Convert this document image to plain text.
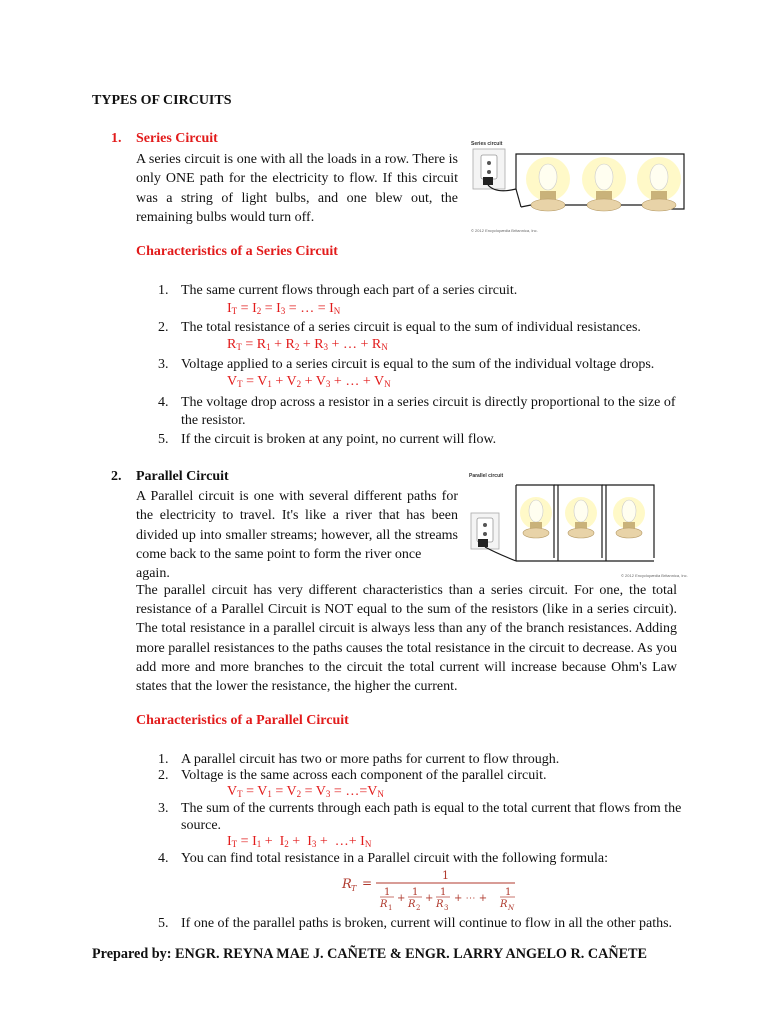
TYPES OF CIRCUITS
1. Series Circuit
A series circuit is one with all the loads in a row. There is
only ONE path for the electricity to flow. If this circuit
was a string of light bulbs, and one blew out, the
remaining bulbs would turn off.
Series circuit
© 2012 Encyclopædia Britannica, Inc.
Characteristics of a Series Circuit
1. The same current flows through each part of a series circuit.
$I_T = I_2 = I_3$ = … = $I_N$
2. The total resistance of a series circuit is equal to the sum of individual resistances.
$R_T = R_1 + R_2 + R_3$ + … + $R_N$
3. Voltage applied to a series circuit is equal to the sum of the individual voltage drops.
$V_T = V_1 + V_2 + V_3$ + … + $V_N$
4. The voltage drop across a resistor in a series circuit is directly proportional to the size of
the resistor.
5. If the circuit is broken at any point, no current will flow.
2. Parallel Circuit
A Parallel circuit is one with several different paths for
the electricity to travel. It's like a river that has been
divided up into smaller streams; however, all the streams
come back to the same point to form the river once again.
Parallel circuit
© 2012 Encyclopædia Britannica, Inc.
The parallel circuit has very different characteristics than a series circuit. For one, the total
resistance of a Parallel Circuit is NOT equal to the sum of the resistors (like in a series circuit).
The total resistance in a parallel circuit is always less than any of the branch resistances. Adding
more parallel resistances to the paths causes the total resistance in the circuit to decrease. As you
add more and more branches to the circuit the total current will increase because Ohm's Law
states that the lower the resistance, the higher the current.
Characteristics of a Parallel Circuit
1. A parallel circuit has two or more paths for current to flow through.
2. Voltage is the same across each component of the parallel circuit.
$V_T = V_1 = V_2 = V_3$ = $\dots=V_N$
3. The sum of the currents through each path is equal to the total current that flows from the
source.
$I_T = I_1 + I_2 + I_3$ +  …+ $I_N$
4. You can find total resistance in a Parallel circuit with the following formula:
R T =
1
1
R 1
+
1
R 2
+
1
R 3
+ ⋯ +
1
R N
5. If one of the parallel paths is broken, current will continue to flow in all the other paths.
Prepared by: ENGR. REYNA MAE J. CAÑETE & ENGR. LARRY ANGELO R. CAÑETE
